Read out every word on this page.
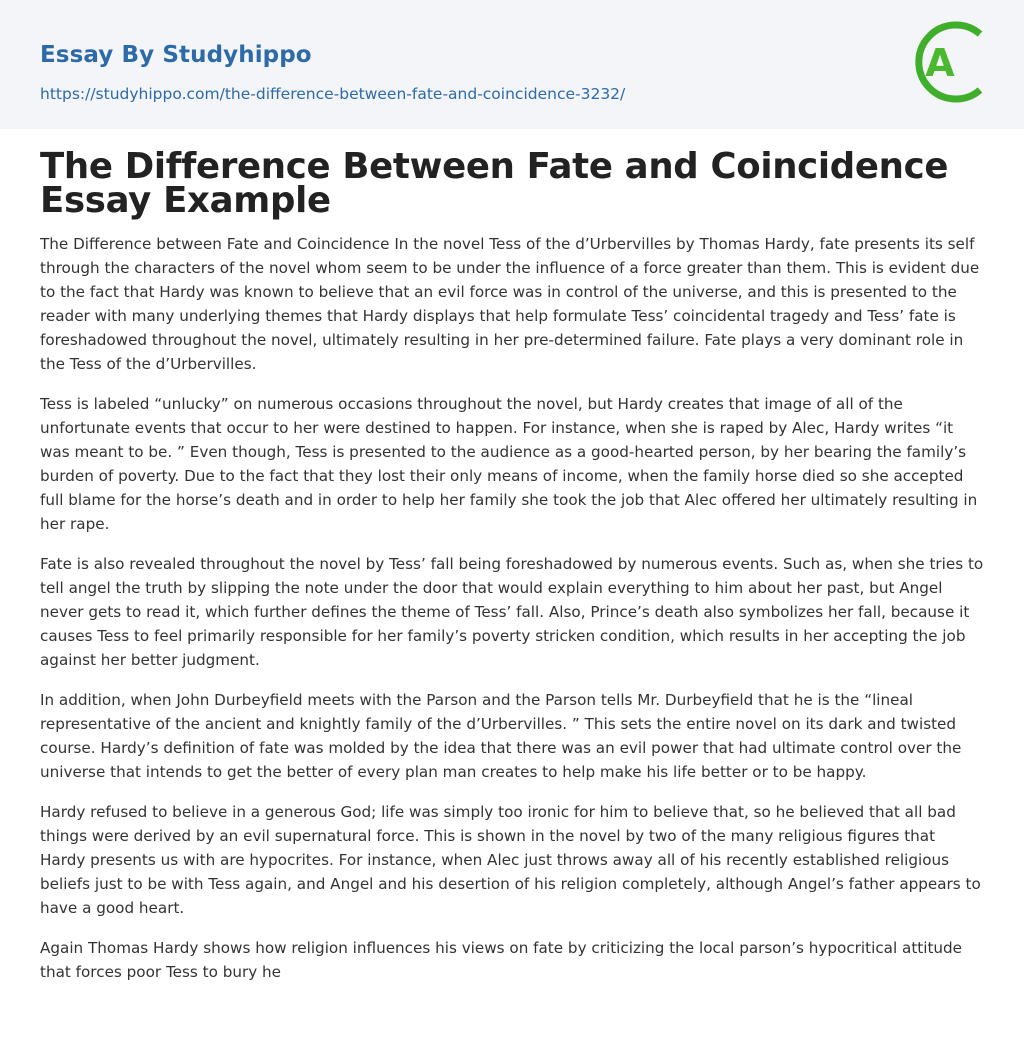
Essay By Studyhippo
https://studyhippo.com/the-difference-between-fate-and-coincidence-3232/
A
The Difference Between Fate and Coincidence Essay Example

The Difference between Fate and Coincidence In the novel Tess of the d’Urbervilles by Thomas Hardy, fate presents its self through the characters of the novel whom seem to be under the influence of a force greater than them. This is evident due to the fact that Hardy was known to believe that an evil force was in control of the universe, and this is presented to the reader with many underlying themes that Hardy displays that help formulate Tess’ coincidental tragedy and Tess’ fate is foreshadowed throughout the novel, ultimately resulting in her pre-determined failure. Fate plays a very dominant role in the Tess of the d’Urbervilles.

Tess is labeled “unlucky” on numerous occasions throughout the novel, but Hardy creates that image of all of the unfortunate events that occur to her were destined to happen. For instance, when she is raped by Alec, Hardy writes “it was meant to be. ” Even though, Tess is presented to the audience as a good-hearted person, by her bearing the family’s burden of poverty. Due to the fact that they lost their only means of income, when the family horse died so she accepted full blame for the horse’s death and in order to help her family she took the job that Alec offered her ultimately resulting in her rape.

Fate is also revealed throughout the novel by Tess’ fall being foreshadowed by numerous events. Such as, when she tries to tell angel the truth by slipping the note under the door that would explain everything to him about her past, but Angel never gets to read it, which further defines the theme of Tess’ fall. Also, Prince’s death also symbolizes her fall, because it causes Tess to feel primarily responsible for her family’s poverty stricken condition, which results in her accepting the job against her better judgment.

In addition, when John Durbeyfield meets with the Parson and the Parson tells Mr. Durbeyfield that he is the “lineal representative of the ancient and knightly family of the d’Urbervilles. ” This sets the entire novel on its dark and twisted course. Hardy’s definition of fate was molded by the idea that there was an evil power that had ultimate control over the universe that intends to get the better of every plan man creates to help make his life better or to be happy.

Hardy refused to believe in a generous God; life was simply too ironic for him to believe that, so he believed that all bad things were derived by an evil supernatural force. This is shown in the novel by two of the many religious figures that Hardy presents us with are hypocrites. For instance, when Alec just throws away all of his recently established religious beliefs just to be with Tess again, and Angel and his desertion of his religion completely, although Angel’s father appears to have a good heart.

Again Thomas Hardy shows how religion influences his views on fate by criticizing the local parson’s hypocritical attitude that forces poor Tess to bury he
